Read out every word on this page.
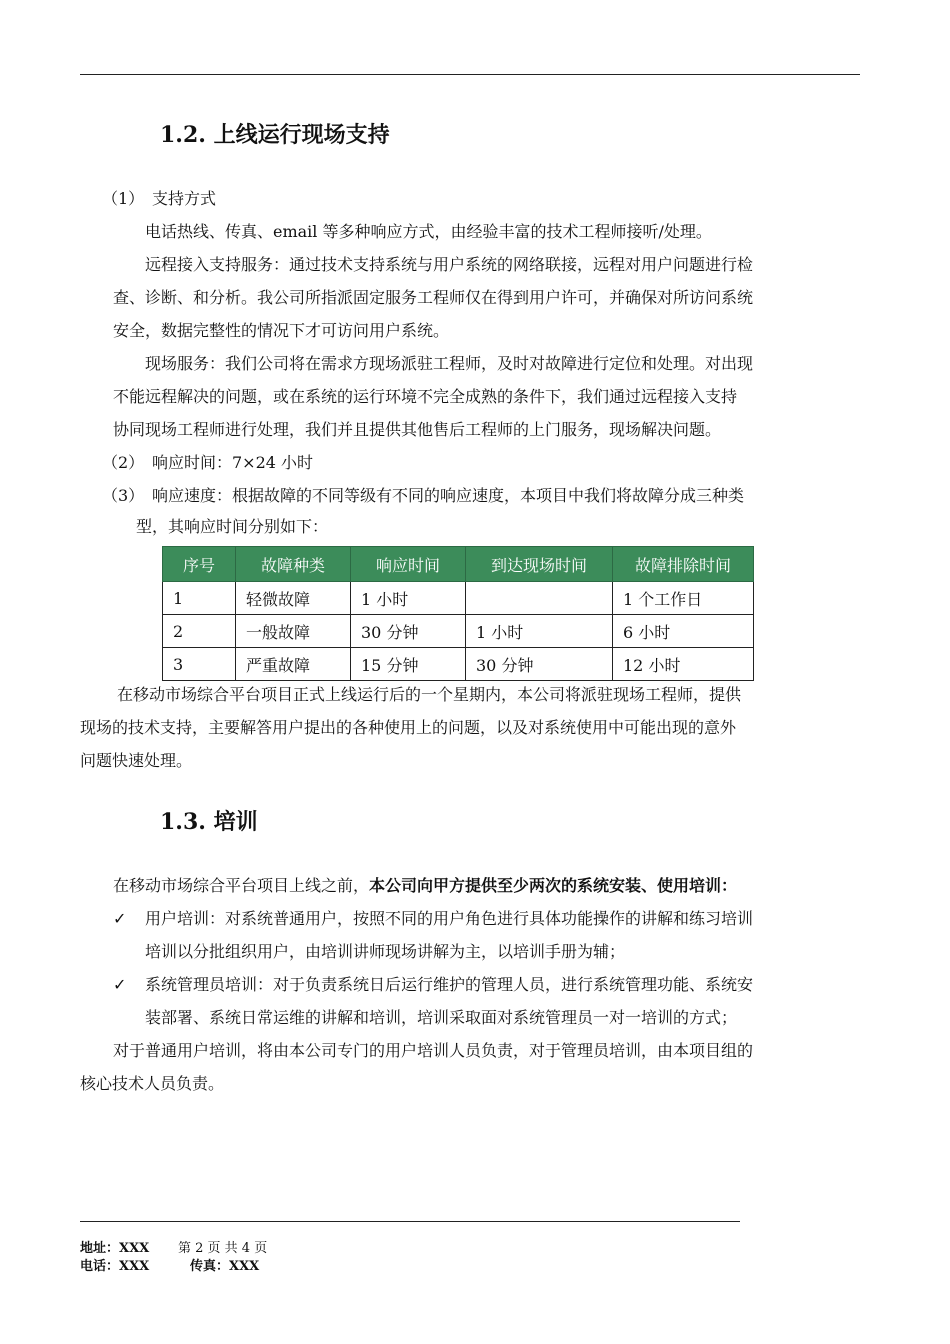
1.2. 上线运行现场支持
（1） 支持方式
电话热线、传真、email 等多种响应方式，由经验丰富的技术工程师接听/处理。
远程接入支持服务：通过技术支持系统与用户系统的网络联接，远程对用户问题进行检
查、诊断、和分析。我公司所指派固定服务工程师仅在得到用户许可，并确保对所访问系统
安全，数据完整性的情况下才可访问用户系统。
现场服务：我们公司将在需求方现场派驻工程师，及时对故障进行定位和处理。对出现
不能远程解决的问题，或在系统的运行环境不完全成熟的条件下，我们通过远程接入支持
协同现场工程师进行处理，我们并且提供其他售后工程师的上门服务，现场解决问题。
（2） 响应时间：7×24 小时
（3） 响应速度：根据故障的不同等级有不同的响应速度，本项目中我们将故障分成三种类
型，其响应时间分别如下：
序号	故障种类	响应时间	到达现场时间	故障排除时间
1	轻微故障	1 小时		1 个工作日
2	一般故障	30 分钟	1 小时	6 小时
3	严重故障	15 分钟	30 分钟	12 小时
在移动市场综合平台项目正式上线运行后的一个星期内，本公司将派驻现场工程师，提供
现场的技术支持，主要解答用户提出的各种使用上的问题，以及对系统使用中可能出现的意外
问题快速处理。
1.3. 培训
在移动市场综合平台项目上线之前，本公司向甲方提供至少两次的系统安装、使用培训：
✓ 用户培训：对系统普通用户，按照不同的用户角色进行具体功能操作的讲解和练习培训
培训以分批组织用户，由培训讲师现场讲解为主，以培训手册为辅；
✓ 系统管理员培训：对于负责系统日后运行维护的管理人员，进行系统管理功能、系统安
装部署、系统日常运维的讲解和培训，培训采取面对系统管理员一对一培训的方式；
对于普通用户培训，将由本公司专门的用户培训人员负责，对于管理员培训，由本项目组的
核心技术人员负责。
地址：XXX 第 2 页 共 4 页
电话：XXX	传真：XXX
